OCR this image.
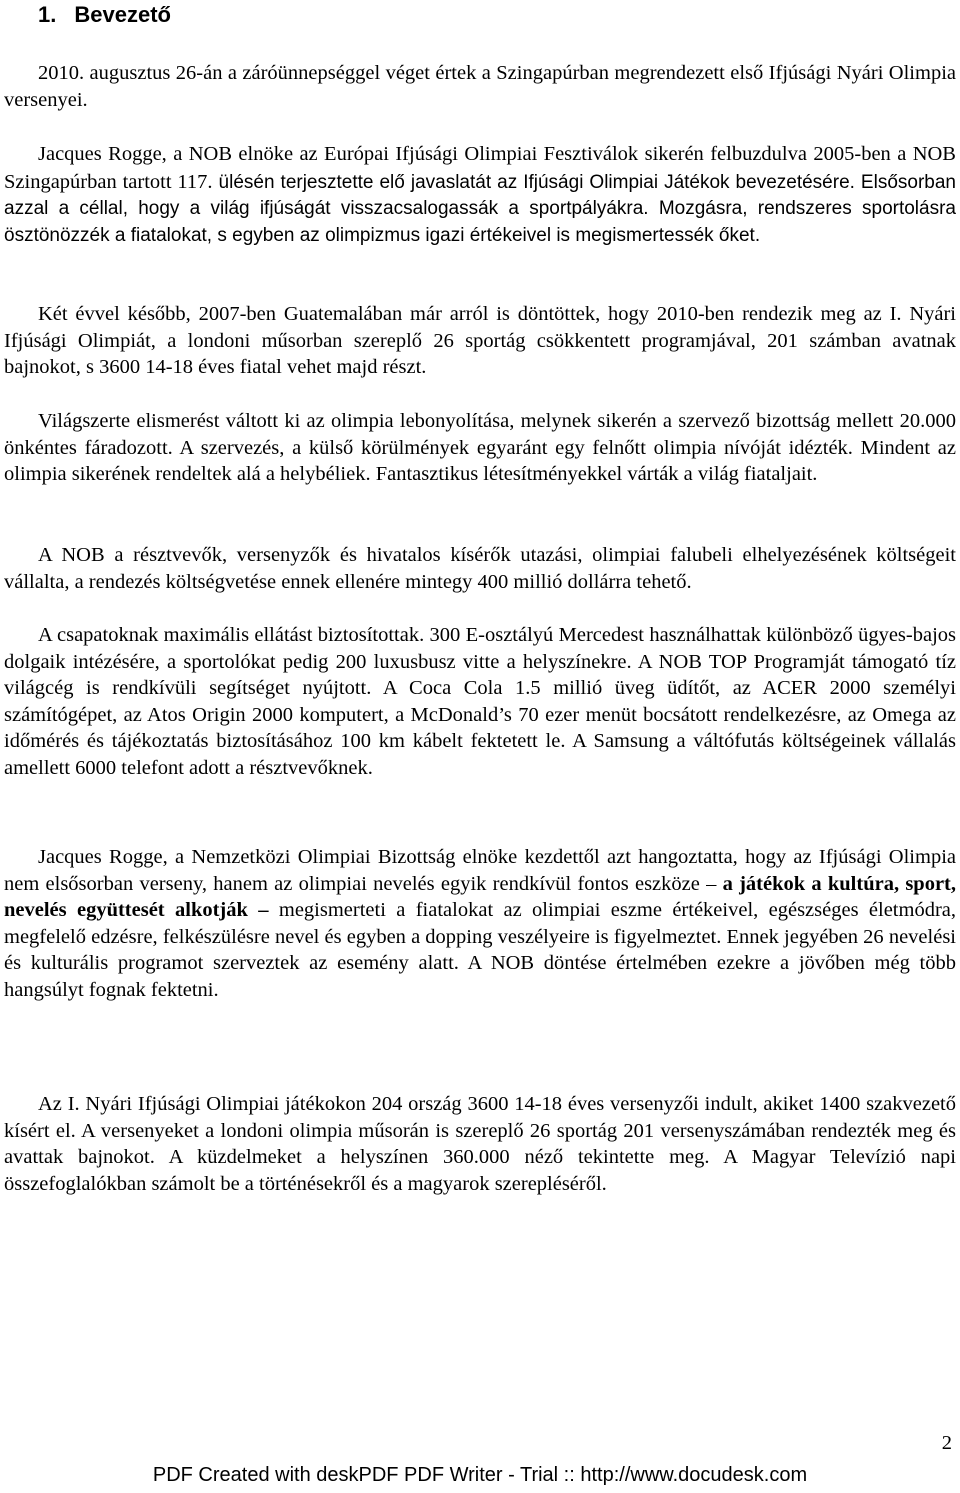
1. Bevezető

2010. augusztus 26-án a záróünnepséggel véget értek a Szingapúrban megrendezett első Ifjúsági Nyári Olimpia versenyei.

Jacques Rogge, a NOB elnöke az Európai Ifjúsági Olimpiai Fesztiválok sikerén felbuzdulva 2005-ben a NOB Szingapúrban tartott 117. ülésén terjesztette elő javaslatát az Ifjúsági Olimpiai Játékok bevezetésére. Elsősorban azzal a céllal, hogy a világ ifjúságát visszacsalogassák a sportpályákra. Mozgásra, rendszeres sportolásra ösztönözzék a fiatalokat, s egyben az olimpizmus igazi értékeivel is megismertessék őket.

Két évvel később, 2007-ben Guatemalában már arról is döntöttek, hogy 2010-ben rendezik meg az I. Nyári Ifjúsági Olimpiát, a londoni műsorban szereplő 26 sportág csökkentett programjával, 201 számban avatnak bajnokot, s 3600 14-18 éves fiatal vehet majd részt.

Világszerte elismerést váltott ki az olimpia lebonyolítása, melynek sikerén a szervező bizottság mellett 20.000 önkéntes fáradozott. A szervezés, a külső körülmények egyaránt egy felnőtt olimpia nívóját idézték. Mindent az olimpia sikerének rendeltek alá a helybéliek. Fantasztikus létesítményekkel várták a világ fiataljait.

A NOB a résztvevők, versenyzők és hivatalos kísérők utazási, olimpiai falubeli elhelyezésének költségeit vállalta, a rendezés költségvetése ennek ellenére mintegy 400 millió dollárra tehető.

A csapatoknak maximális ellátást biztosítottak. 300 E-osztályú Mercedest használhattak különböző ügyes-bajos dolgaik intézésére, a sportolókat pedig 200 luxusbusz vitte a helyszínekre. A NOB TOP Programját támogató tíz világcég is rendkívüli segítséget nyújtott. A Coca Cola 1.5 millió üveg üdítőt, az ACER 2000 személyi számítógépet, az Atos Origin 2000 komputert, a McDonald’s 70 ezer menüt bocsátott rendelkezésre, az Omega az időmérés és tájékoztatás biztosításához 100 km kábelt fektetett le. A Samsung a váltófutás költségeinek vállalás amellett 6000 telefont adott a résztvevőknek.

Jacques Rogge, a Nemzetközi Olimpiai Bizottság elnöke kezdettől azt hangoztatta, hogy az Ifjúsági Olimpia nem elsősorban verseny, hanem az olimpiai nevelés egyik rendkívül fontos eszköze – a játékok a kultúra, sport, nevelés együttesét alkotják – megismerteti a fiatalokat az olimpiai eszme értékeivel, egészséges életmódra, megfelelő edzésre, felkészülésre nevel és egyben a dopping veszélyeire is figyelmeztet. Ennek jegyében 26 nevelési és kulturális programot szerveztek az esemény alatt. A NOB döntése értelmében ezekre a jövőben még több hangsúlyt fognak fektetni.

Az I. Nyári Ifjúsági Olimpiai játékokon 204 ország 3600 14-18 éves versenyzői indult, akiket 1400 szakvezető kísért el. A versenyeket a londoni olimpia műsorán is szereplő 26 sportág 201 versenyszámában rendezték meg és avattak bajnokot. A küzdelmeket a helyszínen 360.000 néző tekintette meg. A Magyar Televízió napi összefoglalókban számolt be a történésekről és a magyarok szerepléséről.

2
PDF Created with deskPDF PDF Writer - Trial :: http://www.docudesk.com
